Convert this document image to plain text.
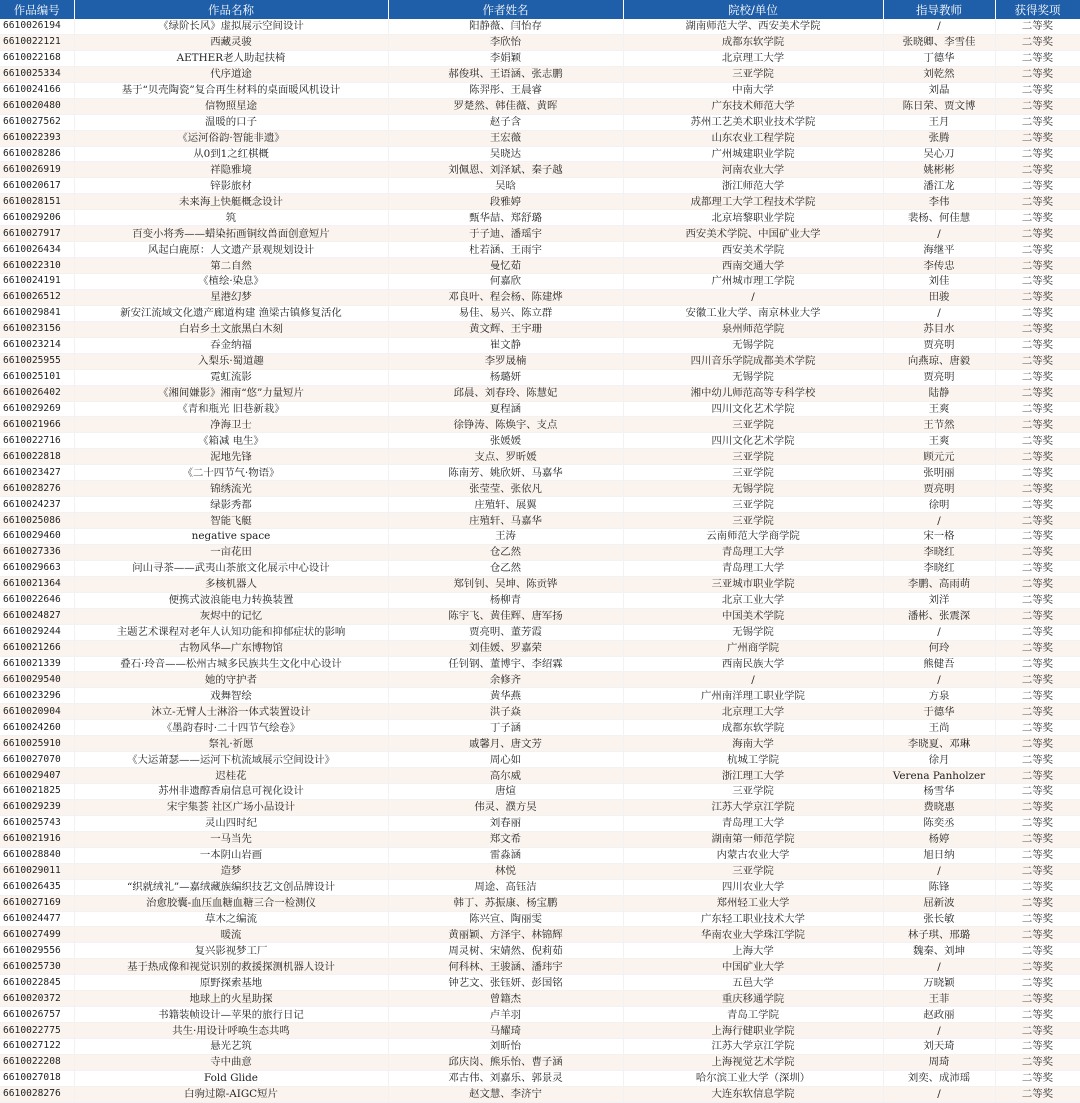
作品编号	作品名称	作者姓名	院校/单位	指导教师	获得奖项
6610026194	《绿阶长风》虚拟展示空间设计	阳静薇、闫怡存	湖南师范大学、西安美术学院	/	二等奖
6610022121	西藏灵骏	李欣怡	成都东软学院	张晓卿、李雪佳	二等奖
6610022168	AETHER老人助起扶椅	李娟颖	北京理工大学	丁德华	二等奖
6610025334	代序道途	郝俊琪、王语涵、张志鹏	三亚学院	刘乾然	二等奖
6610024166	基于“贝壳陶瓷”复合再生材料的桌面暖风机设计	陈羿彤、王晨睿	中南大学	刘晶	二等奖
6610020480	信物照星途	罗楚然、韩佳薇、黄晖	广东技术师范大学	陈日荣、贾文博	二等奖
6610027562	温暖的口子	赵子含	苏州工艺美术职业技术学院	王月	二等奖
6610022393	《运河俗韵·智能非遗》	王宏薇	山东农业工程学院	张腾	二等奖
6610028286	从0到1之红棋概	吴晓达	广州城建职业学院	吴心刀	二等奖
6610026919	祥隐雅境	刘佩恩、刘泽斌、秦子越	河南农业大学	姚彬彬	二等奖
6610020617	锌影旅材	吴晗	浙江师范大学	潘江龙	二等奖
6610028151	未来海上快艇概念设计	段雅婷	成都理工大学工程技术学院	李伟	二等奖
6610029206	筑	甄华喆、郑舒璐	北京培黎职业学院	裴杨、何佳慧	二等奖
6610027917	百变小将秀——蜡染拓画铜纹兽面创意短片	于子迪、潘瑶宇	西安美术学院、中国矿业大学	/	二等奖
6610026434	风起白鹿原：人文遗产景观规划设计	杜若涵、王雨宇	西安美术学院	海继平	二等奖
6610022310	第二自然	曼忆茹	西南交通大学	李传忠	二等奖
6610024191	《植绘·染息》	何嘉欣	广州城市理工学院	刘佳	二等奖
6610026512	星港幻梦	邓良叶、程会杨、陈建烨	/	田骏	二等奖
6610029841	新安江流域文化遗产廊道构建 渔梁古镇修复活化	易佳、易兴、陈立群	安徽工业大学、南京林业大学	/	二等奖
6610023156	白岩乡土文旅黑白木刻	黄文辉、王宇珊	泉州师范学院	苏目水	二等奖
6610023214	吞金纳福	崔文静	无锡学院	贾亮明	二等奖
6610025955	入梨乐·蜀道趣	李罗晟楠	四川音乐学院成都美术学院	向燕琼、唐毅	二等奖
6610025101	霓虹流影	杨璐妍	无锡学院	贾亮明	二等奖
6610026402	《湘间嫌影》湘南“悠”力量短片	邱晨、刘春玲、陈慧妃	湘中幼儿师范高等专科学校	陆静	二等奖
6610029269	《青和瓶光 旧巷新栽》	夏程涵	四川文化艺术学院	王爽	二等奖
6610021966	净海卫士	徐铮涛、陈焕宇、支点	三亚学院	王节然	二等奖
6610022716	《箱减 电生》	张媛媛	四川文化艺术学院	王爽	二等奖
6610022818	泥地先锋	支点、罗昕媛	三亚学院	顾元元	二等奖
6610023427	《二十四节气·物语》	陈南芳、姚欣妍、马嘉华	三亚学院	张明丽	二等奖
6610028276	锦绣流光	张莹莹、张依凡	无锡学院	贾亮明	二等奖
6610024237	绿影秀都	庄殖轩、展翼	三亚学院	徐明	二等奖
6610025086	智能飞艇	庄殖轩、马嘉华	三亚学院	/	二等奖
6610029460	negative space	王涛	云南师范大学商学院	宋一格	二等奖
6610027336	一亩花田	仓乙然	青岛理工大学	李晓红	二等奖
6610029663	问山寻茶——武夷山茶旅文化展示中心设计	仓乙然	青岛理工大学	李晓红	二等奖
6610021364	多核机器人	郑钊钊、吴坤、陈贡铧	三亚城市职业学院	李鹏、高雨萌	二等奖
6610022646	便携式波浪能电力转换装置	杨柳青	北京工业大学	刘洋	二等奖
6610024827	灰烬中的记忆	陈宇飞、黄佳辉、唐军扬	中国美术学院	潘彬、张震深	二等奖
6610029244	主题艺术课程对老年人认知功能和抑郁症状的影响	贾亮明、董芳霞	无锡学院	/	二等奖
6610021266	古物风华—广东博物馆	刘佳媛、罗嘉荣	广州商学院	何玲	二等奖
6610021339	叠石·玲音——松州古城多民族共生文化中心设计	任钊钢、董博宇、李绍霖	西南民族大学	熊健吾	二等奖
6610029540	她的守护者	余修齐	/	/	二等奖
6610023296	戏舞智绘	黄华燕	广州南洋理工职业学院	方泉	二等奖
6610020904	沐立-无臂人士淋浴一体式装置设计	洪子焱	北京理工大学	于德华	二等奖
6610024260	《墨韵春时·二十四节气绘卷》	丁子涵	成都东软学院	王尚	二等奖
6610025910	祭礼·祈愿	戚馨月、唐文芳	海南大学	李晓夏、邓琳	二等奖
6610027070	《大运萧瑟——运河下杭流域展示空间设计》	周心如	杭城工学院	徐月	二等奖
6610029407	迟桂花	高尔威	浙江理工大学	Verena Panholzer	二等奖
6610021825	苏州非遗醇香扇信息可视化设计	唐煊	三亚学院	杨雪华	二等奖
6610029239	宋宇集荟 社区广场小品设计	伟灵、濮方昊	江苏大学京江学院	费晓惠	二等奖
6610025743	灵山四时纪	刘春丽	青岛理工大学	陈奕丞	二等奖
6610021916	一马当先	郑文希	湖南第一师范学院	杨婷	二等奖
6610028840	一本阴山岩画	雷淼涵	内蒙古农业大学	旭日纳	二等奖
6610029011	造梦	林悦	三亚学院	/	二等奖
6610026435	“织就绒礼”—嘉绒藏族编织技艺文创品牌设计	周途、高钰洁	四川农业大学	陈锋	二等奖
6610027169	治愈胶囊-血压血糖血糖三合一检测仪	韩丁、苏振康、杨宝鹏	郑州轻工业大学	屈新波	二等奖
6610024477	草木之编流	陈兴宣、陶丽雯	广东轻工职业技术大学	张长敏	二等奖
6610027499	暖流	黄丽颖、方泽宇、林锦辉	华南农业大学珠江学院	林子琪、邢璐	二等奖
6610029556	复兴影视梦工厂	周灵树、宋婧然、倪莉茹	上海大学	魏秦、刘坤	二等奖
6610025730	基于热成像和视觉识别的救援探测机器人设计	何科林、王骏涵、潘玮宇	中国矿业大学	/	二等奖
6610022845	原野探索基地	钟艺文、张钰妍、彭国铭	五邑大学	万晓颖	二等奖
6610020372	地球上的火星助探	曾籍杰	重庆移通学院	王菲	二等奖
6610026757	书籍装帧设计—苹果的旅行日记	卢羊羽	青岛工学院	赵政丽	二等奖
6610022775	共生·用设计呼唤生态共鸣	马耀琦	上海行健职业学院	/	二等奖
6610027122	悬光艺筑	刘昕怡	江苏大学京江学院	刘天琦	二等奖
6610022208	寺中曲意	邱庆岗、熊乐怡、曹子涵	上海视觉艺术学院	周琦	二等奖
6610027018	Fold Glide	邓古伟、刘嘉乐、郭景灵	哈尔滨工业大学（深圳）	刘奕、成沛瑶	二等奖
6610028276	白驹过隙-AIGC短片	赵文慧、李济宁	大连东软信息学院	/	二等奖
